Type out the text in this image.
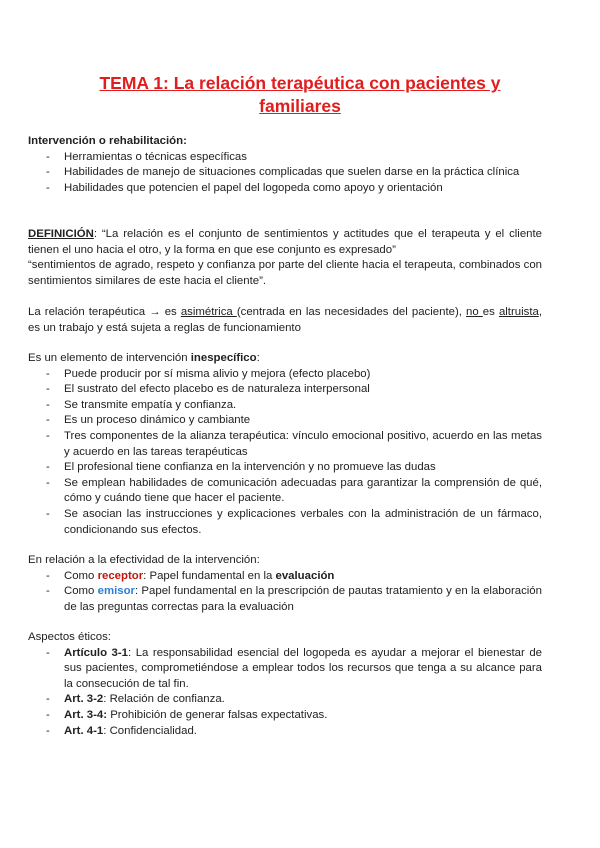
TEMA 1: La relación terapéutica con pacientes y
familiares

Intervención o rehabilitación:

- Herramientas o técnicas específicas
- Habilidades de manejo de situaciones complicadas que suelen darse en la práctica clínica
- Habilidades que potencien el papel del logopeda como apoyo y orientación

DEFINICIÓN: “La relación es el conjunto de sentimientos y actitudes que el terapeuta y el cliente tienen el uno hacia el otro, y la forma en que ese conjunto es expresado”

“sentimientos de agrado, respeto y confianza por parte del cliente hacia el terapeuta, combinados con sentimientos similares de este hacia el cliente”.

La relación terapéutica → es asimétrica (centrada en las necesidades del paciente), no es altruista, es un trabajo y está sujeta a reglas de funcionamiento

Es un elemento de intervención inespecífico:

- Puede producir por sí misma alivio y mejora (efecto placebo)
- El sustrato del efecto placebo es de naturaleza interpersonal
- Se transmite empatía y confianza.
- Es un proceso dinámico y cambiante
- Tres componentes de la alianza terapéutica: vínculo emocional positivo, acuerdo en las metas y acuerdo en las tareas terapéuticas
- El profesional tiene confianza en la intervención y no promueve las dudas
- Se emplean habilidades de comunicación adecuadas para garantizar la comprensión de qué, cómo y cuándo tiene que hacer el paciente.
- Se asocian las instrucciones y explicaciones verbales con la administración de un fármaco, condicionando sus efectos.

En relación a la efectividad de la intervención:

- Como receptor: Papel fundamental en la evaluación
- Como emisor: Papel fundamental en la prescripción de pautas tratamiento y en la elaboración de las preguntas correctas para la evaluación

Aspectos éticos:

- Artículo 3-1: La responsabilidad esencial del logopeda es ayudar a mejorar el bienestar de sus pacientes, comprometiéndose a emplear todos los recursos que tenga a su alcance para la consecución de tal fin.
- Art. 3-2: Relación de confianza.
- Art. 3-4: Prohibición de generar falsas expectativas.
- Art. 4-1: Confidencialidad.
